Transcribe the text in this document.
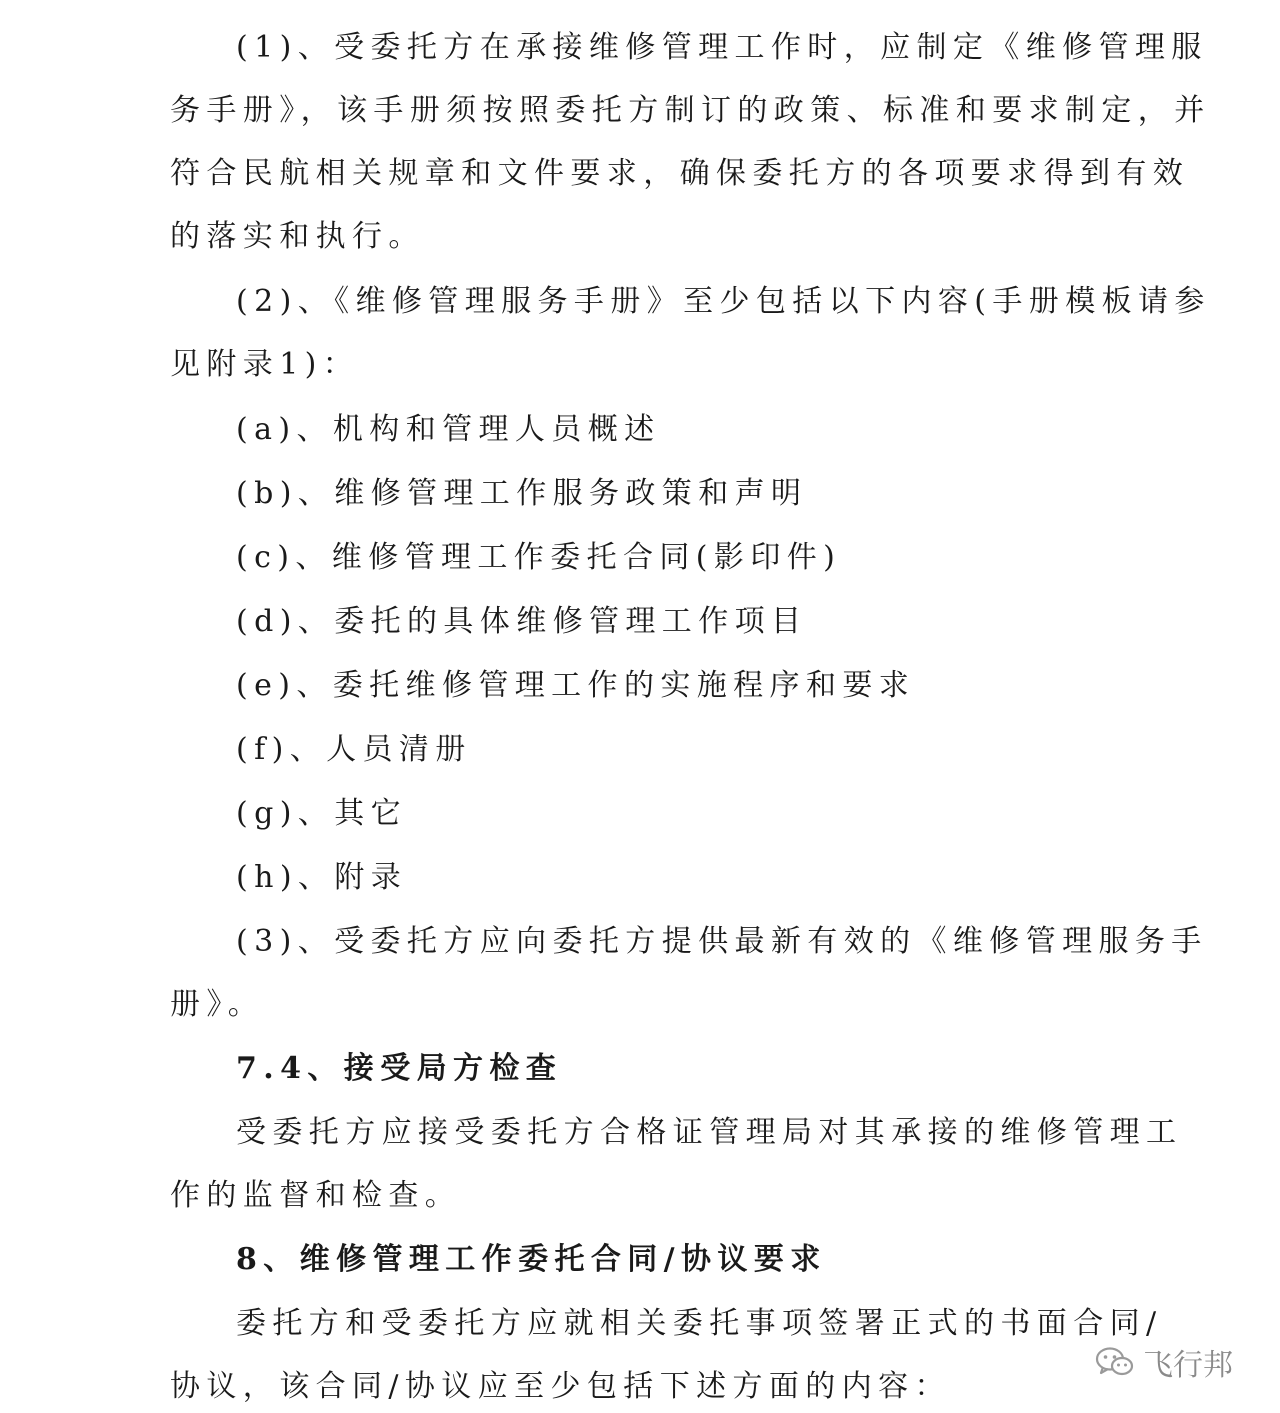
(1)、受委托方在承接维修管理工作时，应制定《维修管理服
务手册》，该手册须按照委托方制订的政策、标准和要求制定，并
符合民航相关规章和文件要求，确保委托方的各项要求得到有效
的落实和执行。
(2)、《维修管理服务手册》至少包括以下内容(手册模板请参
见附录1)：
(a)、机构和管理人员概述
(b)、维修管理工作服务政策和声明
(c)、维修管理工作委托合同(影印件)
(d)、委托的具体维修管理工作项目
(e)、委托维修管理工作的实施程序和要求
(f)、人员清册
(g)、其它
(h)、附录
(3)、受委托方应向委托方提供最新有效的《维修管理服务手
册》。
7.4、接受局方检查
受委托方应接受委托方合格证管理局对其承接的维修管理工
作的监督和检查。
8、维修管理工作委托合同/协议要求
委托方和受委托方应就相关委托事项签署正式的书面合同/
协议，该合同/协议应至少包括下述方面的内容：
飞行邦
